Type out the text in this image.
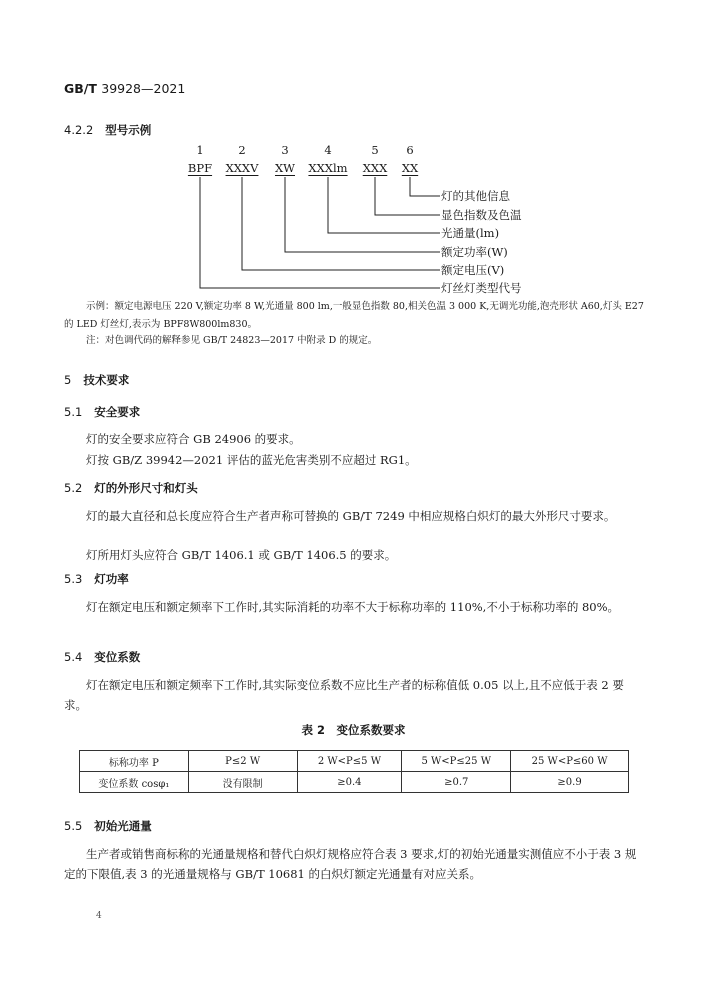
GB/T 39928—2021
4.2.2 型号示例
1	2	3	4	5	6
BPF	XXXV	XW XXXlm XXX XX
灯的其他信息
显色指数及色温
光通量(lm)
额定功率(W)
额定电压(V)
灯丝灯类型代号
示例：额定电源电压 220 V,额定功率 8 W,光通量 800 lm,一般显色指数 80,相关色温 3 000 K,无调光功能,泡壳形状 A60,灯头 E27 的 LED 灯丝灯,表示为 BPF8W800lm830。
注：对色调代码的解释参见 GB/T 24823—2017 中附录 D 的规定。
5 技术要求
5.1 安全要求
灯的安全要求应符合 GB 24906 的要求。
灯按 GB/Z 39942—2021 评估的蓝光危害类别不应超过 RG1。
5.2 灯的外形尺寸和灯头
灯的最大直径和总长度应符合生产者声称可替换的 GB/T 7249 中相应规格白炽灯的最大外形尺寸要求。
灯所用灯头应符合 GB/T 1406.1 或 GB/T 1406.5 的要求。
5.3 灯功率
灯在额定电压和额定频率下工作时,其实际消耗的功率不大于标称功率的 110%,不小于标称功率的 80%。
5.4 变位系数
灯在额定电压和额定频率下工作时,其实际变位系数不应比生产者的标称值低 0.05 以上,且不应低于表 2 要求。
表 2　变位系数要求
标称功率 P	P≤2 W	2 W<P≤5 W	5 W<P≤25 W	25 W<P≤60 W
变位系数 cosφ₁	没有限制	≥0.4	≥0.7	≥0.9
5.5 初始光通量
生产者或销售商标称的光通量规格和替代白炽灯规格应符合表 3 要求,灯的初始光通量实测值应不小于表 3 规定的下限值,表 3 的光通量规格与 GB/T 10681 的白炽灯额定光通量有对应关系。
4
